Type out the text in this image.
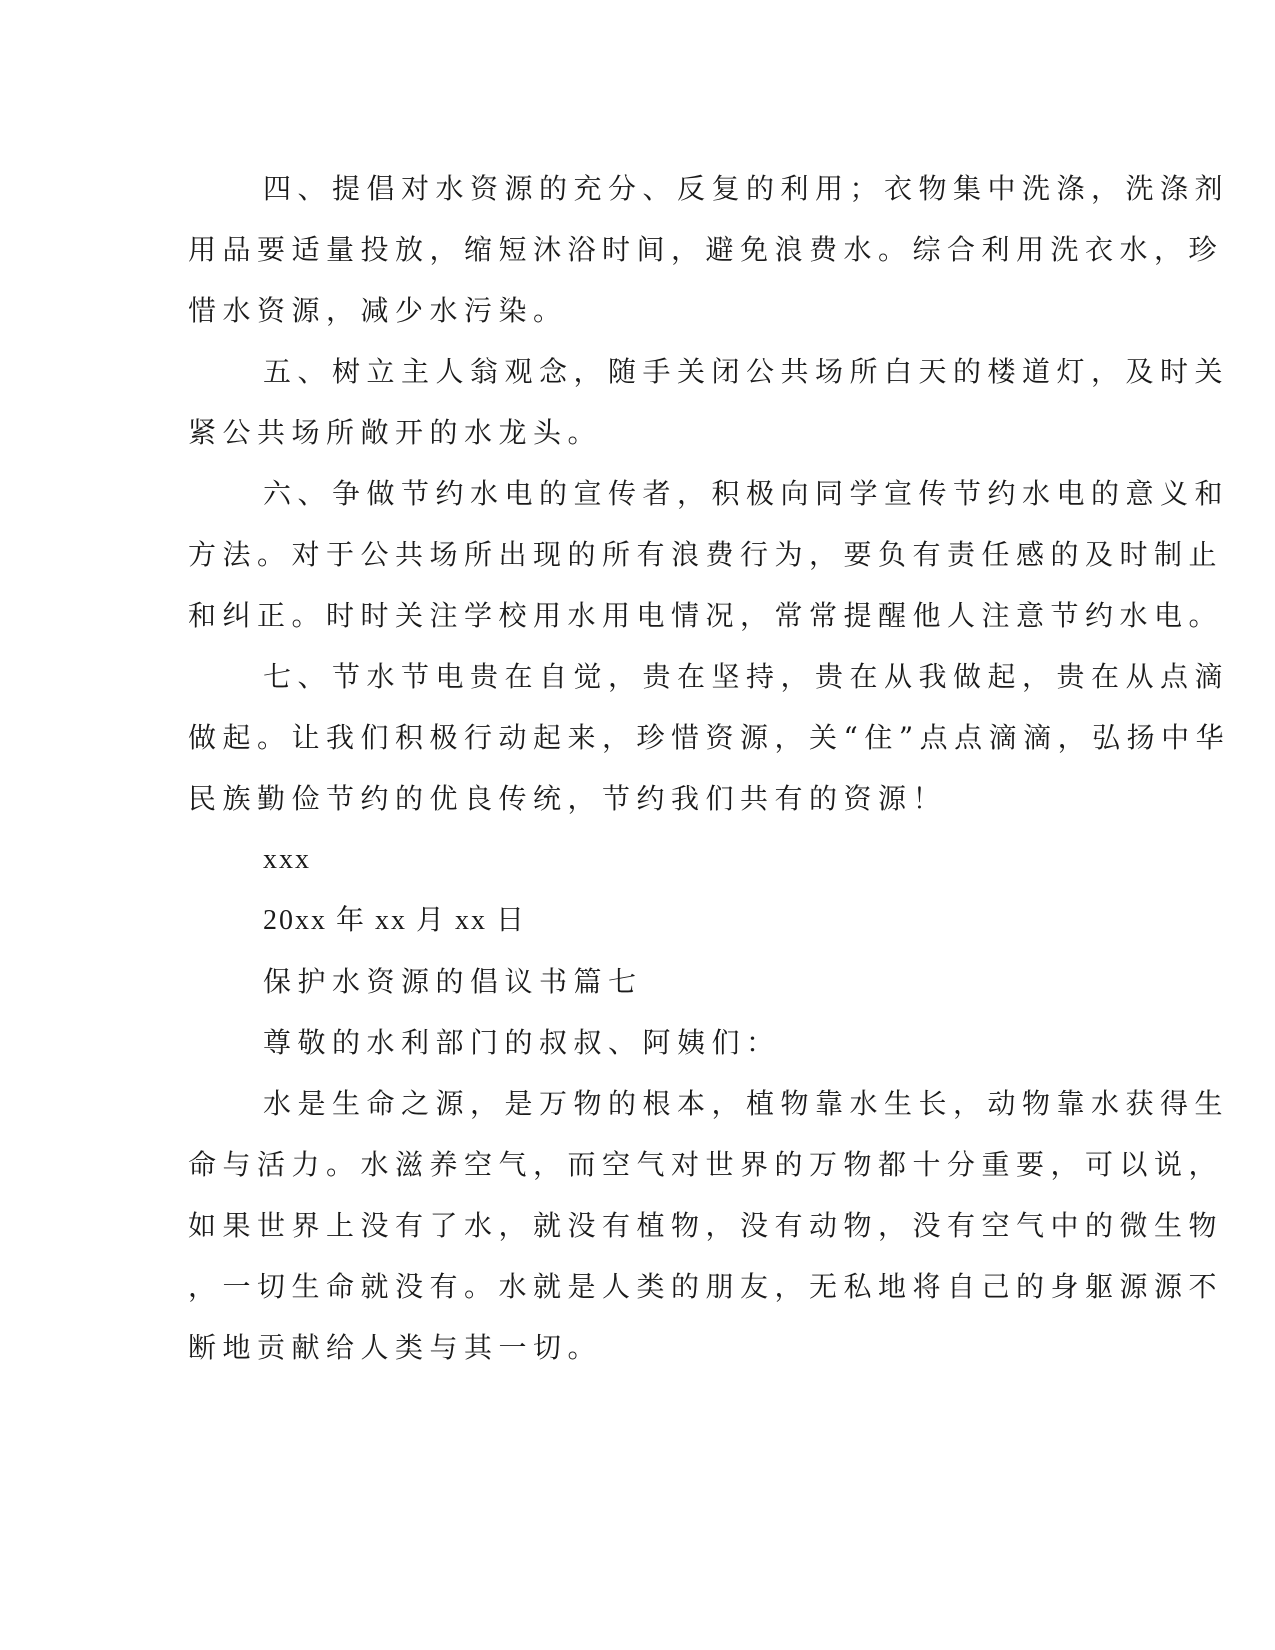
四、提倡对水资源的充分、反复的利用；衣物集中洗涤，洗涤剂
用品要适量投放，缩短沐浴时间，避免浪费水。综合利用洗衣水，珍
惜水资源，减少水污染。
五、树立主人翁观念，随手关闭公共场所白天的楼道灯，及时关
紧公共场所敞开的水龙头。
六、争做节约水电的宣传者，积极向同学宣传节约水电的意义和
方法。对于公共场所出现的所有浪费行为，要负有责任感的及时制止
和纠正。时时关注学校用水用电情况，常常提醒他人注意节约水电。
七、节水节电贵在自觉，贵在坚持，贵在从我做起，贵在从点滴
做起。让我们积极行动起来，珍惜资源，关“住”点点滴滴，弘扬中华
民族勤俭节约的优良传统，节约我们共有的资源！
xxx
20xx 年 xx 月 xx 日
保护水资源的倡议书篇七
尊敬的水利部门的叔叔、阿姨们：
水是生命之源，是万物的根本，植物靠水生长，动物靠水获得生
命与活力。水滋养空气，而空气对世界的万物都十分重要，可以说，
如果世界上没有了水，就没有植物，没有动物，没有空气中的微生物
，一切生命就没有。水就是人类的朋友，无私地将自己的身躯源源不
断地贡献给人类与其一切。
